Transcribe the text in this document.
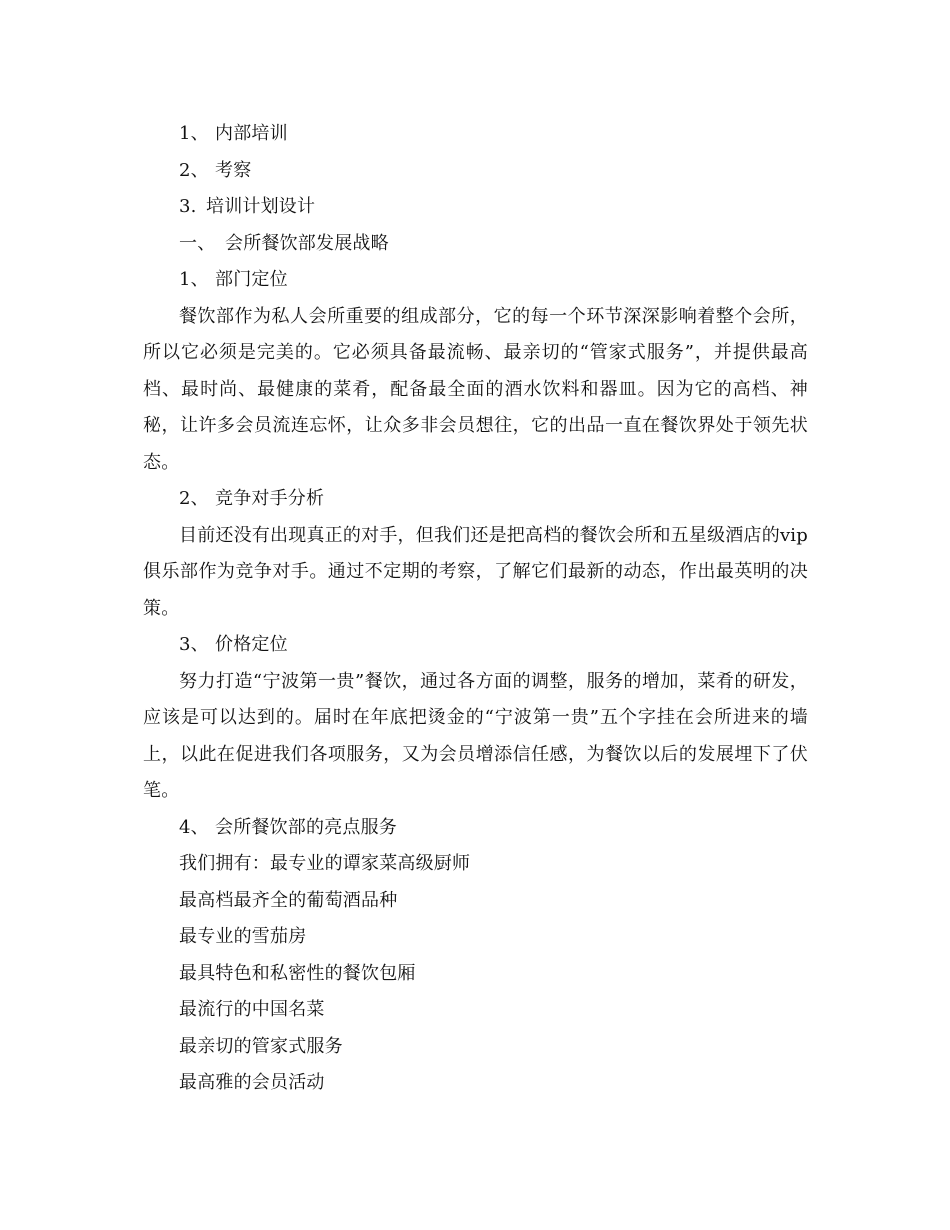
1、 内部培训
2、 考察
3. 培训计划设计
一、 会所餐饮部发展战略
1、 部门定位

餐饮部作为私人会所重要的组成部分，它的每一个环节深深影响着整个会所，所以它必须是完美的。它必须具备最流畅、最亲切的“管家式服务”，并提供最高档、最时尚、最健康的菜肴，配备最全面的酒水饮料和器皿。因为它的高档、神秘，让许多会员流连忘怀，让众多非会员想往，它的出品一直在餐饮界处于领先状态。

2、 竞争对手分析

目前还没有出现真正的对手，但我们还是把高档的餐饮会所和五星级酒店的vip俱乐部作为竞争对手。通过不定期的考察，了解它们最新的动态，作出最英明的决策。

3、 价格定位

努力打造“宁波第一贵”餐饮，通过各方面的调整，服务的增加，菜肴的研发，应该是可以达到的。届时在年底把烫金的“宁波第一贵”五个字挂在会所进来的墙上，以此在促进我们各项服务，又为会员增添信任感，为餐饮以后的发展埋下了伏笔。

4、 会所餐饮部的亮点服务
我们拥有：最专业的谭家菜高级厨师
最高档最齐全的葡萄酒品种
最专业的雪茄房
最具特色和私密性的餐饮包厢
最流行的中国名菜
最亲切的管家式服务
最高雅的会员活动
